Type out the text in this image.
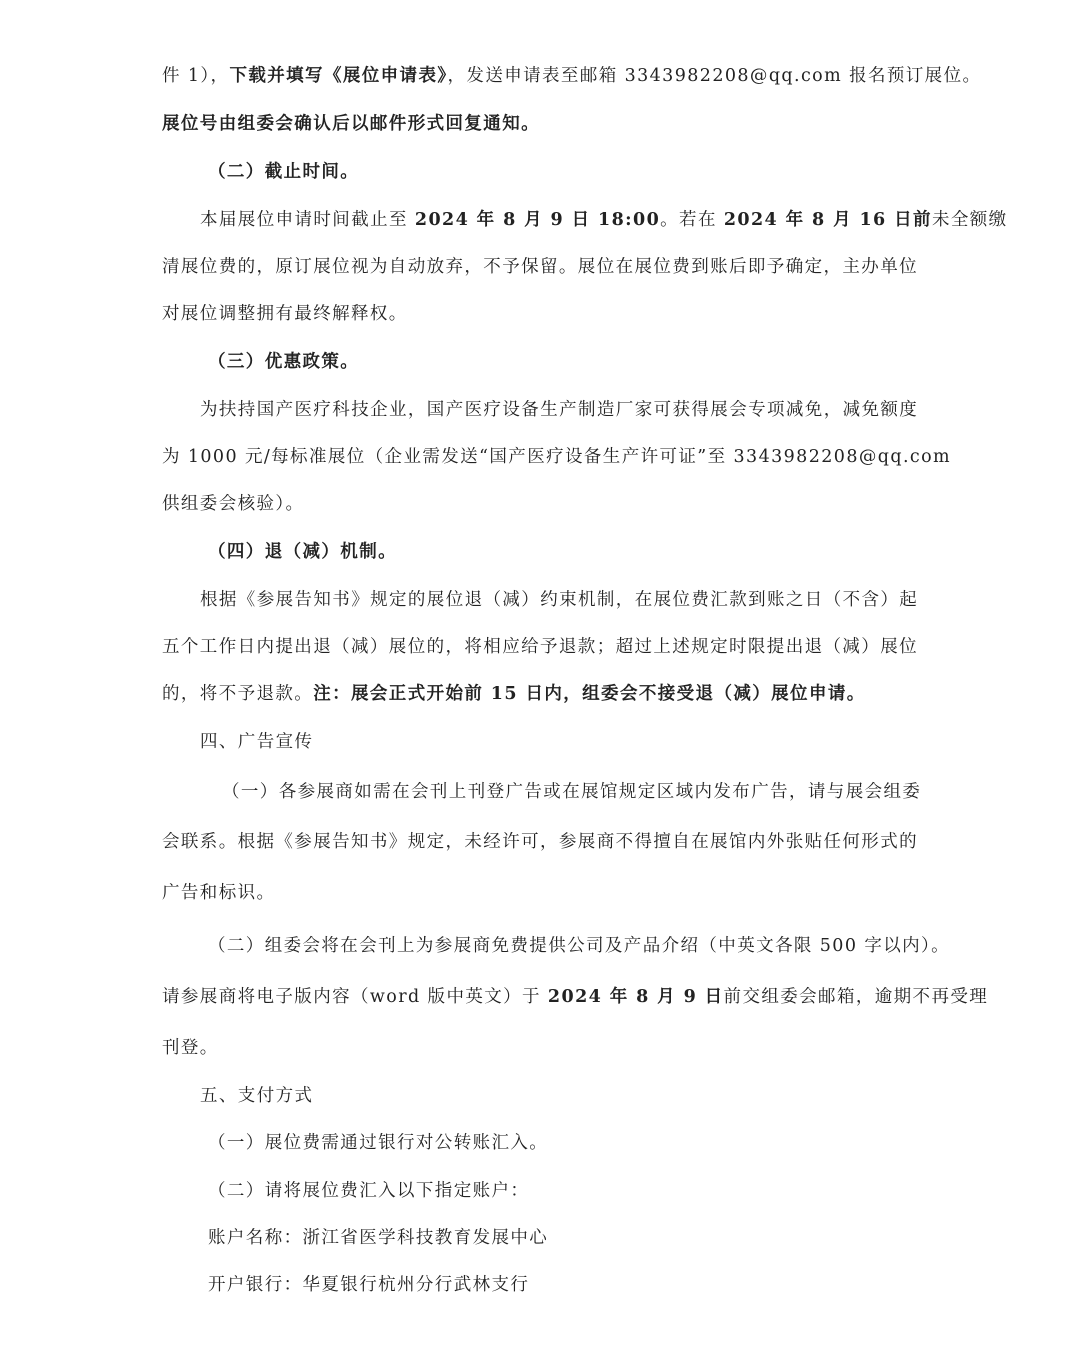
件 1），下载并填写《展位申请表》，发送申请表至邮箱 3343982208@qq.com 报名预订展位。
展位号由组委会确认后以邮件形式回复通知。
（二）截止时间。
本届展位申请时间截止至 2024 年 8 月 9 日 18:00。若在 2024 年 8 月 16 日前未全额缴
清展位费的，原订展位视为自动放弃，不予保留。展位在展位费到账后即予确定，主办单位
对展位调整拥有最终解释权。
（三）优惠政策。
为扶持国产医疗科技企业，国产医疗设备生产制造厂家可获得展会专项减免，减免额度
为 1000 元/每标准展位（企业需发送“国产医疗设备生产许可证”至 3343982208@qq.com
供组委会核验）。
（四）退（减）机制。
根据《参展告知书》规定的展位退（减）约束机制，在展位费汇款到账之日（不含）起
五个工作日内提出退（减）展位的，将相应给予退款；超过上述规定时限提出退（减）展位
的，将不予退款。注：展会正式开始前 15 日内，组委会不接受退（减）展位申请。
四、广告宣传
（一）各参展商如需在会刊上刊登广告或在展馆规定区域内发布广告，请与展会组委
会联系。根据《参展告知书》规定，未经许可，参展商不得擅自在展馆内外张贴任何形式的
广告和标识。
（二）组委会将在会刊上为参展商免费提供公司及产品介绍（中英文各限 500 字以内）。
请参展商将电子版内容（word 版中英文）于 2024 年 8 月 9 日前交组委会邮箱，逾期不再受理
刊登。
五、支付方式
（一）展位费需通过银行对公转账汇入。
（二）请将展位费汇入以下指定账户：
账户名称：浙江省医学科技教育发展中心
开户银行：华夏银行杭州分行武林支行
